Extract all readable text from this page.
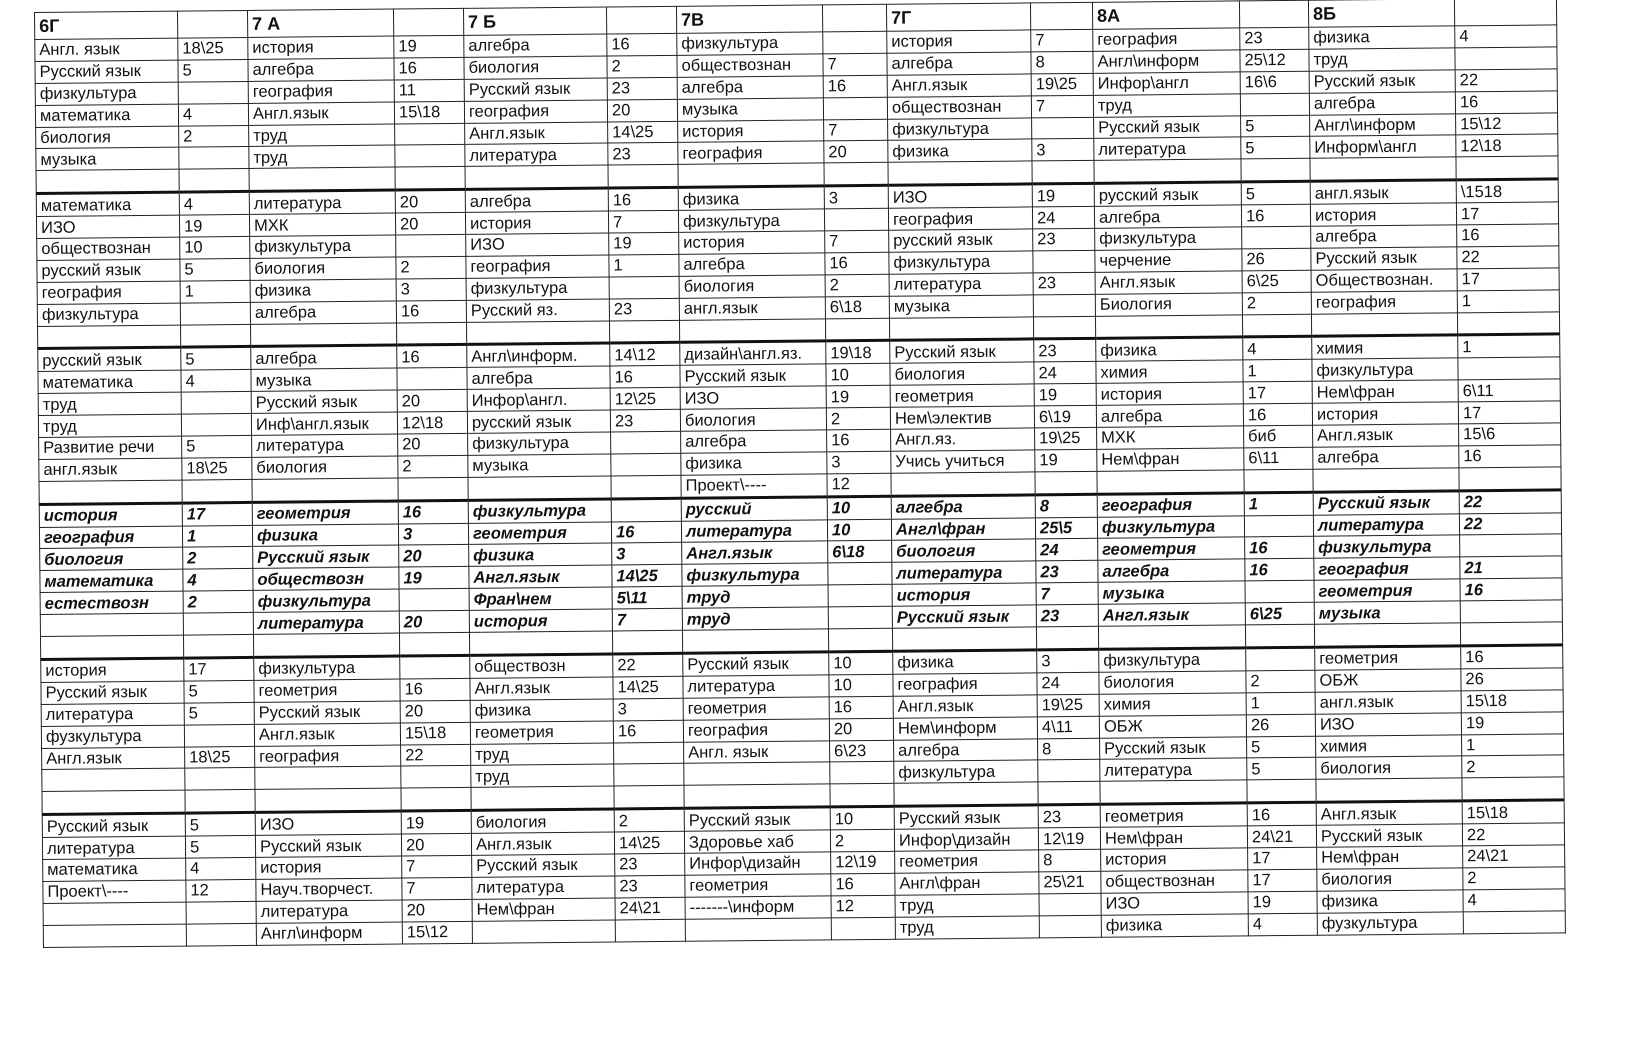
6Г		7 А		7 Б		7В		7Г		8А		8Б	
Англ. язык	18\25	история	19	алгебра	16	физкультура		история	7	география	23	физика	4
Русский язык	5	алгебра	16	биология	2	обществознан	7	алгебра	8	Англ\информ	25\12	труд	
физкультура		география	11	Русский язык	23	алгебра	16	Англ.язык	19\25	Инфор\англ	16\6	Русский язык	22
математика	4	Англ.язык	15\18	география	20	музыка		обществознан	7	труд		алгебра	16
биология	2	труд		Англ.язык	14\25	история	7	физкультура		Русский язык	5	Англ\информ	15\12
музыка		труд		литература	23	география	20	физика	3	литература	5	Информ\англ	12\18

математика	4	литература	20	алгебра	16	физика	3	ИЗО	19	русский язык	5	англ.язык	\1518
ИЗО	19	МХК	20	история	7	физкультура		география	24	алгебра	16	история	17
обществознан	10	физкультура		ИЗО	19	история	7	русский язык	23	физкультура		алгебра	16
русский язык	5	биология	2	география	1	алгебра	16	физкультура		черчение	26	Русский язык	22
география	1	физика	3	физкультура		биология	2	литература	23	Англ.язык	6\25	Обществознан.	17
физкультура		алгебра	16	Русский яз.	23	англ.язык	6\18	музыка		Биология	2	география	1

русский язык	5	алгебра	16	Англ\информ.	14\12	дизайн\англ.яз.	19\18	Русский язык	23	физика	4	химия	1
математика	4	музыка		алгебра	16	Русский язык	10	биология	24	химия	1	физкультура	
труд		Русский язык	20	Инфор\англ.	12\25	ИЗО	19	геометрия	19	история	17	Нем\фран	6\11
труд		Инф\англ.язык	12\18	русский язык	23	биология	2	Нем\электив	6\19	алгебра	16	история	17
Развитие речи	5	литература	20	физкультура		алгебра	16	Англ.яз.	19\25	МХК	биб	Англ.язык	15\6
англ.язык	18\25	биология	2	музыка		физика	3	Учись учиться	19	Нем\фран	6\11	алгебра	16
						Проект\----	12						
история	17	геометрия	16	физкультура		русский	10	алгебра	8	география	1	Русский язык	22
география	1	физика	3	геометрия	16	литература	10	Англ\фран	25\5	физкультура		литература	22
биология	2	Русский язык	20	физика	3	Англ.язык	6\18	биология	24	геометрия	16	физкультура	
математика	4	обществозн	19	Англ.язык	14\25	физкультура		литература	23	алгебра	16	география	21
естествозн	2	физкультура		Фран\нем	5\11	труд		история	7	музыка		геометрия	16
		литература	20	история	7	труд		Русский язык	23	Англ.язык	6\25	музыка	

история	17	физкультура		обществозн	22	Русский язык	10	физика	3	физкультура		геометрия	16
Русский язык	5	геометрия	16	Англ.язык	14\25	литература	10	география	24	биология	2	ОБЖ	26
литература	5	Русский язык	20	физика	3	геометрия	16	Англ.язык	19\25	химия	1	англ.язык	15\18
фузкультура		Англ.язык	15\18	геометрия	16	география	20	Нем\информ	4\11	ОБЖ	26	ИЗО	19
Англ.язык	18\25	география	22	труд		Англ. язык	6\23	алгебра	8	Русский язык	5	химия	1
				труд				физкультура		литература	5	биология	2

Русский язык	5	ИЗО	19	биология	2	Русский язык	10	Русский язык	23	геометрия	16	Англ.язык	15\18
литература	5	Русский язык	20	Англ.язык	14\25	Здоровье хаб	2	Инфор\дизайн	12\19	Нем\фран	24\21	Русский язык	22
математика	4	история	7	Русский язык	23	Инфор\дизайн	12\19	геометрия	8	история	17	Нем\фран	24\21
Проект\----	12	Науч.творчест.	7	литература	23	геометрия	16	Англ\фран	25\21	обществознан	17	биология	2
		литература	20	Нем\фран	24\21	-------\информ	12	труд		ИЗО	19	физика	4
		Англ\информ	15\12					труд		физика	4	фузкультура	
